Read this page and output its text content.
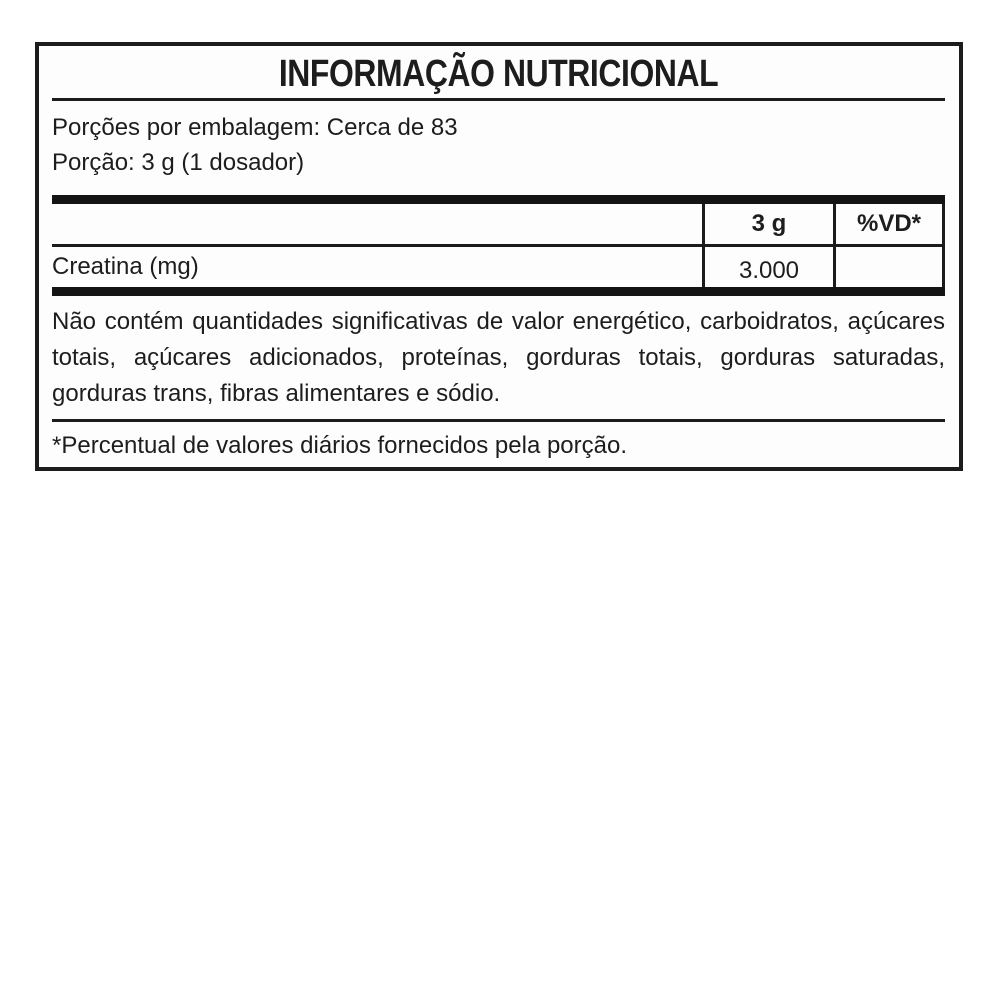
INFORMAÇÃO NUTRICIONAL
Porções por embalagem: Cerca de 83
Porção: 3 g (1 dosador)
3 g	%VD*
Creatina (mg)	3.000
Não contém quantidades significativas de valor energético, carboidratos, açúcares
totais, açúcares adicionados, proteínas, gorduras totais, gorduras saturadas,
gorduras trans, fibras alimentares e sódio.
*Percentual de valores diários fornecidos pela porção.
